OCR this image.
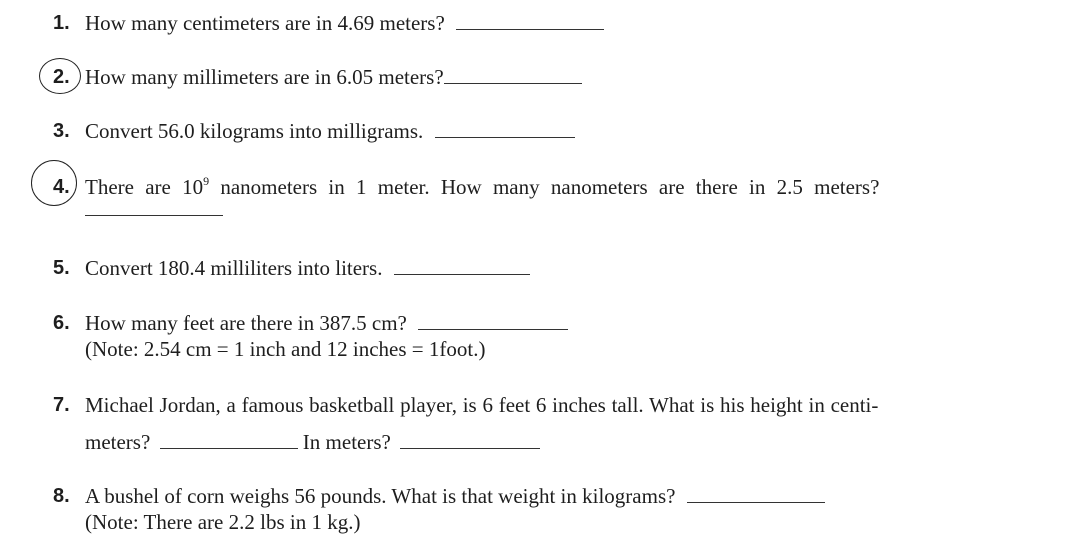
1. How many centimeters are in 4.69 meters?
2. How many millimeters are in 6.05 meters?
3. Convert 56.0 kilograms into milligrams.
4. There are $10^9$ nanometers in 1 meter. How many nanometers are there in 2.5 meters?
5. Convert 180.4 milliliters into liters.
6. How many feet are there in 387.5 cm?
(Note: 2.54 cm = 1 inch and 12 inches = 1foot.)
7. Michael Jordan, a famous basketball player, is 6 feet 6 inches tall. What is his height in centi-
meters?	In meters?
8. A bushel of corn weighs 56 pounds. What is that weight in kilograms?
(Note: There are 2.2 lbs in 1 kg.)
